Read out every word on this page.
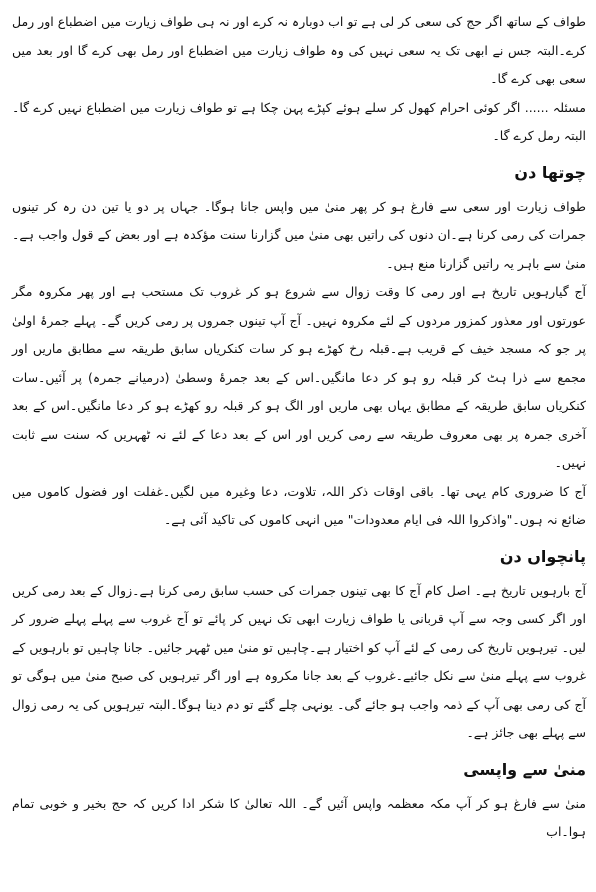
طواف کے ساتھ اگر حج کی سعی کر لی ہے تو اب دوبارہ نہ کرے اور نہ ہی طواف زیارت میں اضطباع اور رمل کرے۔البتہ جس نے ابھی تک یہ سعی نہیں کی وہ طواف زیارت میں اضطباع اور رمل بھی کرے گا اور بعد میں سعی بھی کرے گا۔

مسئلہ ...... اگر کوئی احرام کھول کر سلے ہوئے کپڑے پہن چکا ہے تو طواف زیارت میں اضطباع نہیں کرے گا۔البتہ رمل کرے گا۔

چوتھا دن

طواف زیارت اور سعی سے فارغ ہو کر پھر منیٰ میں واپس جانا ہوگا۔ جہاں پر دو یا تین دن رہ کر تینوں جمرات کی رمی کرنا ہے۔ان دنوں کی راتیں بھی منیٰ میں گزارنا سنت مؤکدہ ہے اور بعض کے قول واجب ہے۔منیٰ سے باہر یہ راتیں گزارنا منع ہیں۔

آج گیارہویں تاریخ ہے اور رمی کا وقت زوال سے شروع ہو کر غروب تک مستحب ہے اور پھر مکروہ مگر عورتوں اور معذور کمزور مردوں کے لئے مکروہ نہیں۔ آج آپ تینوں جمروں پر رمی کریں گے۔ پہلے جمرۂ اولیٰ پر جو کہ مسجد خیف کے قریب ہے۔قبلہ رخ کھڑے ہو کر سات کنکریاں سابق طریقہ سے مطابق ماریں اور مجمع سے ذرا ہٹ کر قبلہ رو ہو کر دعا مانگیں۔اس کے بعد جمرۂ وسطیٰ (درمیانے جمرہ) پر آئیں۔سات کنکریاں سابق طریقہ کے مطابق یہاں بھی ماریں اور الگ ہو کر قبلہ رو کھڑے ہو کر دعا مانگیں۔اس کے بعد آخری جمرہ پر بھی معروف طریقہ سے رمی کریں اور اس کے بعد دعا کے لئے نہ ٹھہریں کہ سنت سے ثابت نہیں۔

آج کا ضروری کام یہی تھا۔ باقی اوقات ذکر اللہ، تلاوت، دعا وغیرہ میں لگیں۔غفلت اور فضول کاموں میں ضائع نہ ہوں۔"واذکروا اللہ فی ایام معدودات" میں انہی کاموں کی تاکید آئی ہے۔

پانچواں دن

آج بارہویں تاریخ ہے۔ اصل کام آج کا بھی تینوں جمرات کی حسب سابق رمی کرنا ہے۔زوال کے بعد رمی کریں اور اگر کسی وجہ سے آپ قربانی یا طواف زیارت ابھی تک نہیں کر پائے تو آج غروب سے پہلے پہلے ضرور کر لیں۔ تیرہویں تاریخ کی رمی کے لئے آپ کو اختیار ہے۔چاہیں تو منیٰ میں ٹھہر جائیں۔ جانا چاہیں تو بارہویں کے غروب سے پہلے منیٰ سے نکل جائیے۔غروب کے بعد جانا مکروہ ہے اور اگر تیرہویں کی صبح منیٰ میں ہوگی تو آج کی رمی بھی آپ کے ذمہ واجب ہو جائے گی۔ یونہی چلے گئے تو دم دینا ہوگا۔البتہ تیرہویں کی یہ رمی زوال سے پہلے بھی جائز ہے۔

منیٰ سے واپسی

منیٰ سے فارغ ہو کر آپ مکہ معظمہ واپس آئیں گے۔ اللہ تعالیٰ کا شکر ادا کریں کہ حج بخیر و خوبی تمام ہوا۔اب
